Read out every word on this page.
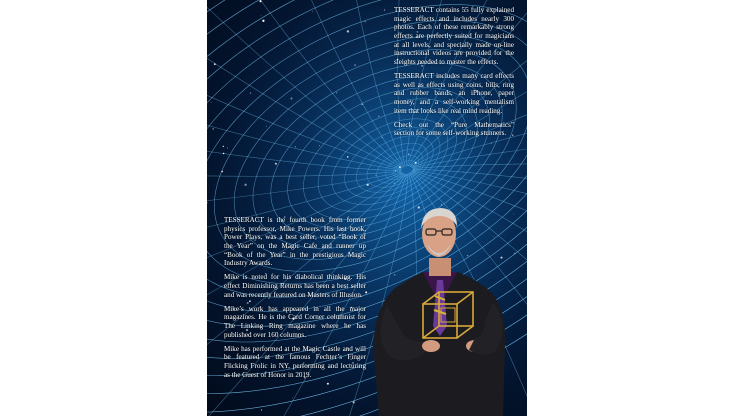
TESSERACT contains 55 fully explained magic effects and includes nearly 300 photos. Each of these remarkably strong effects are perfectly suited for magicians at all levels, and specially made on-line instructional videos are provided for the sleights needed to master the effects.

TESSERACT includes many card effects as well as effects using coins, bills, ring and rubber bands, an iPhone, paper money, and a self-working mentalism item that looks like real mind reading.

Check out the “Pure Mathematics” section for some self-working stunners.

TESSERACT is the fourth book from former physics professor, Mike Powers. His last book, Power Plays, was a best seller, voted “Book of the Year” on the Magic Cafe and runner up “Book of the Year” in the prestigious Magic Industry Awards.

Mike is noted for his diabolical thinking. His effect Diminishing Returns has been a best seller and was recently featured on Masters of Illusion.

Mike’s work has appeared in all the major magazines. He is the Card Corner columnist for The Linking Ring magazine where he has published over 160 columns.

Mike has performed at the Magic Castle and will be featured at the famous Fechter’s Finger Flicking Frolic in NY, performing and lecturing as the Guest of Honor in 2019.
